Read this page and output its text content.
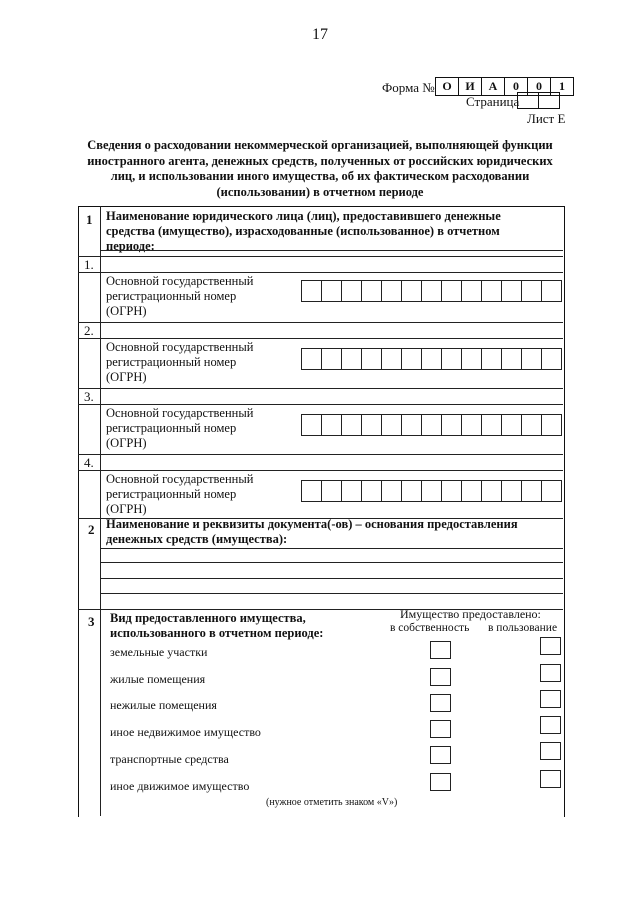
17
Форма № О	И	А	0	0	1
Страница
Лист Е
Сведения о расходовании некоммерческой организацией, выполняющей функции
иностранного агента, денежных средств, полученных от российских юридических
лиц, и использовании иного имущества, об их фактическом расходовании
(использовании) в отчетном периоде
1 Наименование юридического лица (лиц), предоставившего денежные
средства (имущество), израсходованные (использованное) в отчетном
периоде:
1.
Основной государственный
регистрационный номер
(ОГРН)
2.
Основной государственный
регистрационный номер
(ОГРН)
3.
Основной государственный
регистрационный номер
(ОГРН)
4.
Основной государственный
регистрационный номер
(ОГРН)
2 Наименование и реквизиты документа(-ов) – основания предоставления
денежных средств (имущества):
3 Вид предоставленного имущества,
использованного в отчетном периоде:
Имущество предоставлено:
в собственность в пользование
земельные участки
жилые помещения
нежилые помещения
иное недвижимое имущество
транспортные средства
иное движимое имущество
(нужное отметить знаком «V»)
